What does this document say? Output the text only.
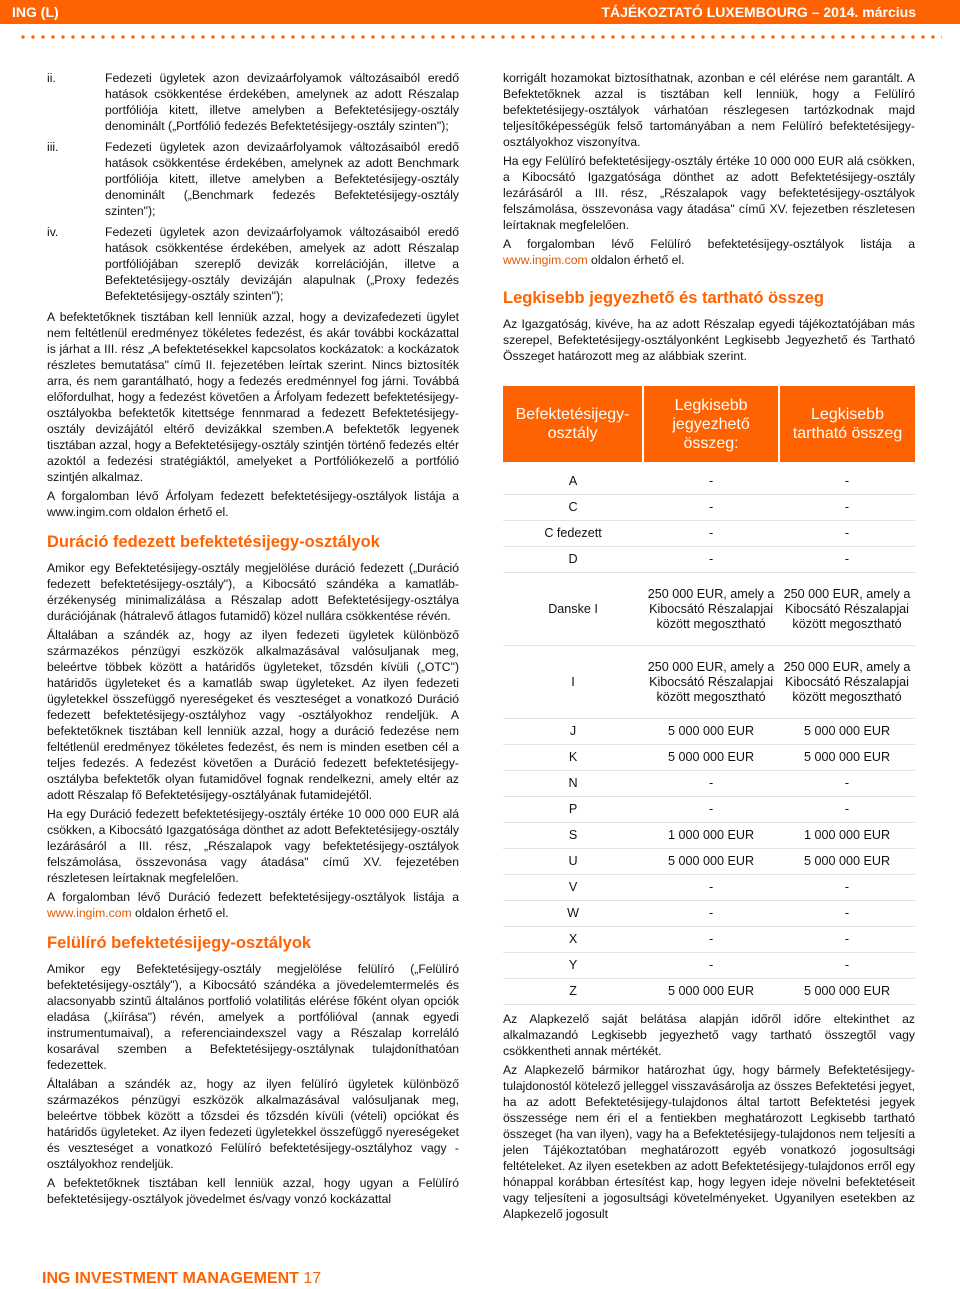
ING (L)	TÁJÉKOZTATÓ LUXEMBOURG – 2014. március
ii.	Fedezeti ügyletek azon devizaárfolyamok változásaiból eredő hatások csökkentése érdekében, amelynek az adott Részalap portfóliója kitett, illetve amelyben a Befektetésijegy-osztály denominált („Portfólió fedezés Befektetésijegy-osztály szinten");
iii.	Fedezeti ügyletek azon devizaárfolyamok változásaiból eredő hatások csökkentése érdekében, amelynek az adott Benchmark portfóliója kitett, illetve amelyben a Befektetésijegy-osztály denominált („Benchmark fedezés Befektetésijegy-osztály szinten");
iv.	Fedezeti ügyletek azon devizaárfolyamok változásaiból eredő hatások csökkentése érdekében, amelyek az adott Részalap portfóliójában szereplő devizák korrelációján, illetve a Befektetésijegy-osztály devizáján alapulnak („Proxy fedezés Befektetésijegy-osztály szinten");

A befektetőknek tisztában kell lenniük azzal, hogy a devizafedezeti ügylet nem feltétlenül eredményez tökéletes fedezést, és akár további kockázattal is járhat a III. rész „A befektetésekkel kapcsolatos kockázatok: a kockázatok részletes bemutatása" című II. fejezetében leírtak szerint. Nincs biztosíték arra, és nem garantálható, hogy a fedezés eredménnyel fog járni. Továbbá előfordulhat, hogy a fedezést követően a Árfolyam fedezett befektetésijegy-osztályokba befektetők kitettsége fennmarad a fedezett Befektetésijegy-osztály devizájától eltérő devizákkal szemben.A befektetők legyenek tisztában azzal, hogy a Befektetésijegy-osztály szintjén történő fedezés eltér azoktól a fedezési stratégiáktól, amelyeket a Portfóliókezelő a portfólió szintjén alkalmaz.

A forgalomban lévő Árfolyam fedezett befektetésijegy-osztályok listája a www.ingim.com oldalon érhető el.

Duráció fedezett befektetésijegy-osztályok

Amikor egy Befektetésijegy-osztály megjelölése duráció fedezett („Duráció fedezett befektetésijegy-osztály"), a Kibocsátó szándéka a kamatláb-érzékenység minimalizálása a Részalap adott Befektetésijegy-osztálya durációjának (hátralevő átlagos futamidő) közel nullára csökkentése révén.

Általában a szándék az, hogy az ilyen fedezeti ügyletek különböző származékos pénzügyi eszközök alkalmazásával valósuljanak meg, beleértve többek között a határidős ügyleteket, tőzsdén kívüli („OTC") határidős ügyleteket és a kamatláb swap ügyleteket. Az ilyen fedezeti ügyletekkel összefüggő nyereségeket és veszteséget a vonatkozó Duráció fedezett befektetésijegy-osztályhoz vagy -osztályokhoz rendeljük. A befektetőknek tisztában kell lenniük azzal, hogy a duráció fedezése nem feltétlenül eredményez tökéletes fedezést, és nem is minden esetben cél a teljes fedezés. A fedezést követően a Duráció fedezett befektetésijegy-osztályba befektetők olyan futamidővel fognak rendelkezni, amely eltér az adott Részalap fő Befektetésijegy-osztályának futamidejétől.

Ha egy Duráció fedezett befektetésijegy-osztály értéke 10 000 000 EUR alá csökken, a Kibocsátó Igazgatósága dönthet az adott Befektetésijegy-osztály lezárásáról a III. rész, „Részalapok vagy befektetésijegy-osztályok felszámolása, összevonása vagy átadása" című XV. fejezetében részletesen leírtaknak megfelelően.

A forgalomban lévő Duráció fedezett befektetésijegy-osztályok listája a www.ingim.com oldalon érhető el.

Felülíró befektetésijegy-osztályok

Amikor egy Befektetésijegy-osztály megjelölése felülíró („Felülíró befektetésijegy-osztály"), a Kibocsátó szándéka a jövedelemtermelés és alacsonyabb szintű általános portfolió volatilitás elérése főként olyan opciók eladása („kiírása") révén, amelyek a portfólióval (annak egyedi instrumentumaival), a referenciaindexszel vagy a Részalap korreláló kosarával szemben a Befektetésijegy-osztálynak tulajdoníthatóan fedezettek.

Általában a szándék az, hogy az ilyen felülíró ügyletek különböző származékos pénzügyi eszközök alkalmazásával valósuljanak meg, beleértve többek között a tőzsdei és tőzsdén kívüli (vételi) opciókat és határidős ügyleteket. Az ilyen fedezeti ügyletekkel összefüggő nyereségeket és veszteséget a vonatkozó Felülíró befektetésijegy-osztályhoz vagy -osztályokhoz rendeljük.

A befektetőknek tisztában kell lenniük azzal, hogy ugyan a Felülíró befektetésijegy-osztályok jövedelmet és/vagy vonzó kockázattal

korrigált hozamokat biztosíthatnak, azonban e cél elérése nem garantált. A Befektetőknek azzal is tisztában kell lenniük, hogy a Felülíró befektetésijegy-osztályok várhatóan részlegesen tartózkodnak majd teljesítőképességük felső tartományában a nem Felülíró befektetésijegy-osztályokhoz viszonyítva.

Ha egy Felülíró befektetésijegy-osztály értéke 10 000 000 EUR alá csökken, a Kibocsátó Igazgatósága dönthet az adott Befektetésijegy-osztály lezárásáról a III. rész, „Részalapok vagy befektetésijegy-osztályok felszámolása, összevonása vagy átadása" című XV. fejezetben részletesen leírtaknak megfelelően.

A forgalomban lévő Felülíró befektetésijegy-osztályok listája a www.ingim.com oldalon érhető el.

Legkisebb jegyezhető és tartható összeg

Az Igazgatóság, kivéve, ha az adott Részalap egyedi tájékoztatójában más szerepel, Befektetésijegy-osztályonként Legkisebb Jegyezhető és Tartható Összeget határozott meg az alábbiak szerint.

Befektetésijegy-osztály	Legkisebb jegyezhető összeg:	Legkisebb tartható összeg
A	-	-
C	-	-
C fedezett	-	-
D	-	-
Danske I	250 000 EUR, amely a Kibocsátó Részalapjai között megosztható	250 000 EUR, amely a Kibocsátó Részalapjai között megosztható
I	250 000 EUR, amely a Kibocsátó Részalapjai között megosztható	250 000 EUR, amely a Kibocsátó Részalapjai között megosztható
J	5 000 000 EUR	5 000 000 EUR
K	5 000 000 EUR	5 000 000 EUR
N	-	-
P	-	-
S	1 000 000 EUR	1 000 000 EUR
U	5 000 000 EUR	5 000 000 EUR
V	-	-
W	-	-
X	-	-
Y	-	-
Z	5 000 000 EUR	5 000 000 EUR

Az Alapkezelő saját belátása alapján időről időre eltekinthet az alkalmazandó Legkisebb jegyezhető vagy tartható összegtől vagy csökkentheti annak mértékét.

Az Alapkezelő bármikor határozhat úgy, hogy bármely Befektetésijegy-tulajdonostól kötelező jelleggel visszavásárolja az összes Befektetési jegyet, ha az adott Befektetésijegy-tulajdonos által tartott Befektetési jegyek összessége nem éri el a fentiekben meghatározott Legkisebb tartható összeget (ha van ilyen), vagy ha a Befektetésijegy-tulajdonos nem teljesíti a jelen Tájékoztatóban meghatározott egyéb vonatkozó jogosultsági feltételeket. Az ilyen esetekben az adott Befektetésijegy-tulajdonos erről egy hónappal korábban értesítést kap, hogy legyen ideje növelni befektetéseit vagy teljesíteni a jogosultsági követelményeket. Ugyanilyen esetekben az Alapkezelő jogosult

ING INVESTMENT MANAGEMENT 17
